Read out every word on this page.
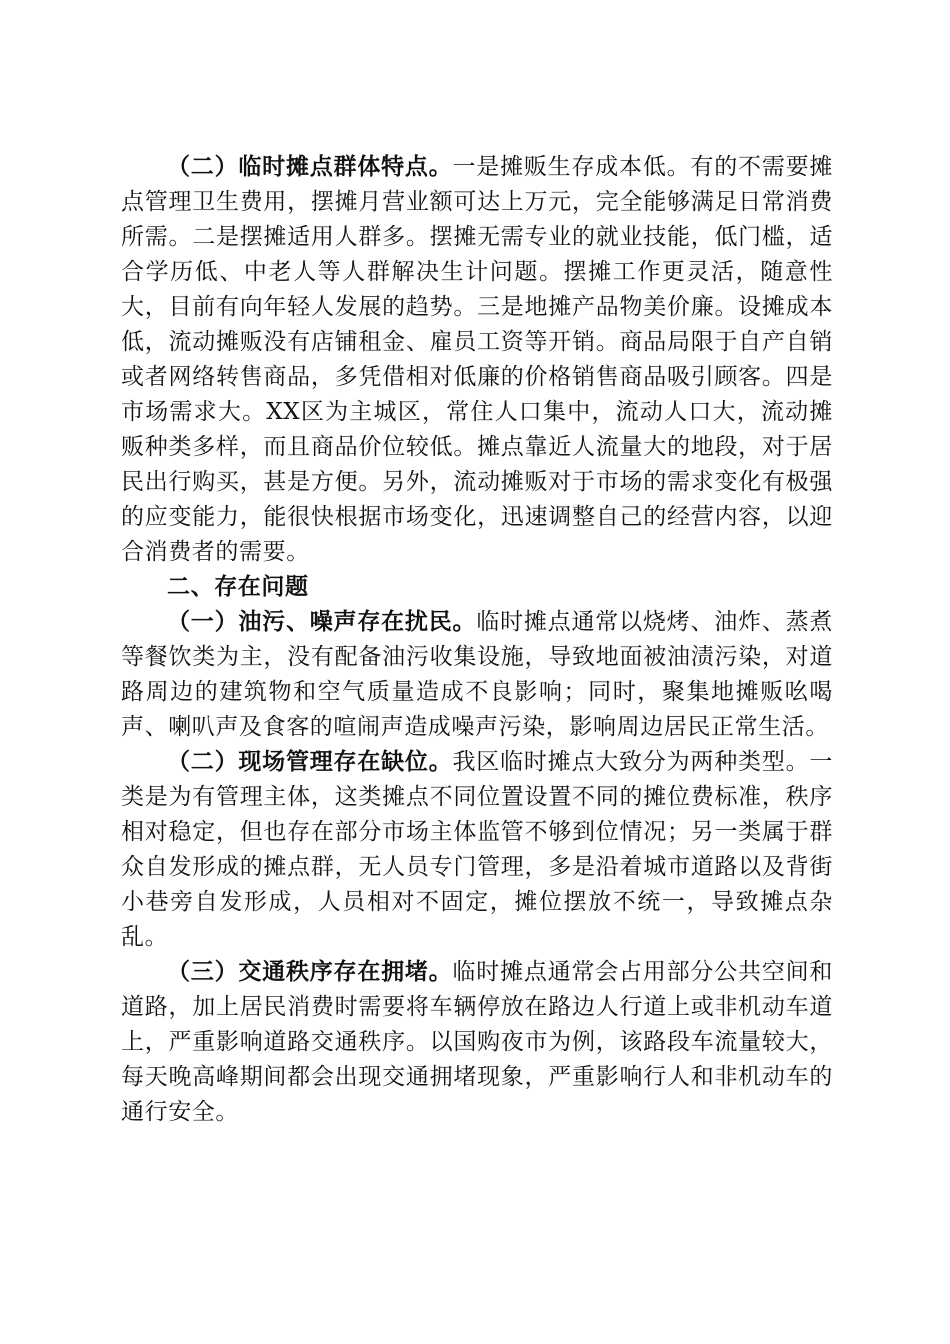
（二）临时摊点群体特点。一是摊贩生存成本低。有的不需要摊点管理卫生费用，摆摊月营业额可达上万元，完全能够满足日常消费所需。二是摆摊适用人群多。摆摊无需专业的就业技能，低门槛，适合学历低、中老人等人群解决生计问题。摆摊工作更灵活，随意性大，目前有向年轻人发展的趋势。三是地摊产品物美价廉。设摊成本低，流动摊贩没有店铺租金、雇员工资等开销。商品局限于自产自销或者网络转售商品，多凭借相对低廉的价格销售商品吸引顾客。四是市场需求大。XX区为主城区，常住人口集中，流动人口大，流动摊贩种类多样，而且商品价位较低。摊点靠近人流量大的地段，对于居民出行购买，甚是方便。另外，流动摊贩对于市场的需求变化有极强的应变能力，能很快根据市场变化，迅速调整自己的经营内容，以迎合消费者的需要。

二、存在问题

（一）油污、噪声存在扰民。临时摊点通常以烧烤、油炸、蒸煮等餐饮类为主，没有配备油污收集设施，导致地面被油渍污染，对道路周边的建筑物和空气质量造成不良影响；同时，聚集地摊贩吆喝声、喇叭声及食客的喧闹声造成噪声污染，影响周边居民正常生活。

（二）现场管理存在缺位。我区临时摊点大致分为两种类型。一类是为有管理主体，这类摊点不同位置设置不同的摊位费标准，秩序相对稳定，但也存在部分市场主体监管不够到位情况；另一类属于群众自发形成的摊点群，无人员专门管理，多是沿着城市道路以及背街小巷旁自发形成，人员相对不固定，摊位摆放不统一，导致摊点杂乱。

（三）交通秩序存在拥堵。临时摊点通常会占用部分公共空间和道路，加上居民消费时需要将车辆停放在路边人行道上或非机动车道上，严重影响道路交通秩序。以国购夜市为例，该路段车流量较大，每天晚高峰期间都会出现交通拥堵现象，严重影响行人和非机动车的通行安全。
